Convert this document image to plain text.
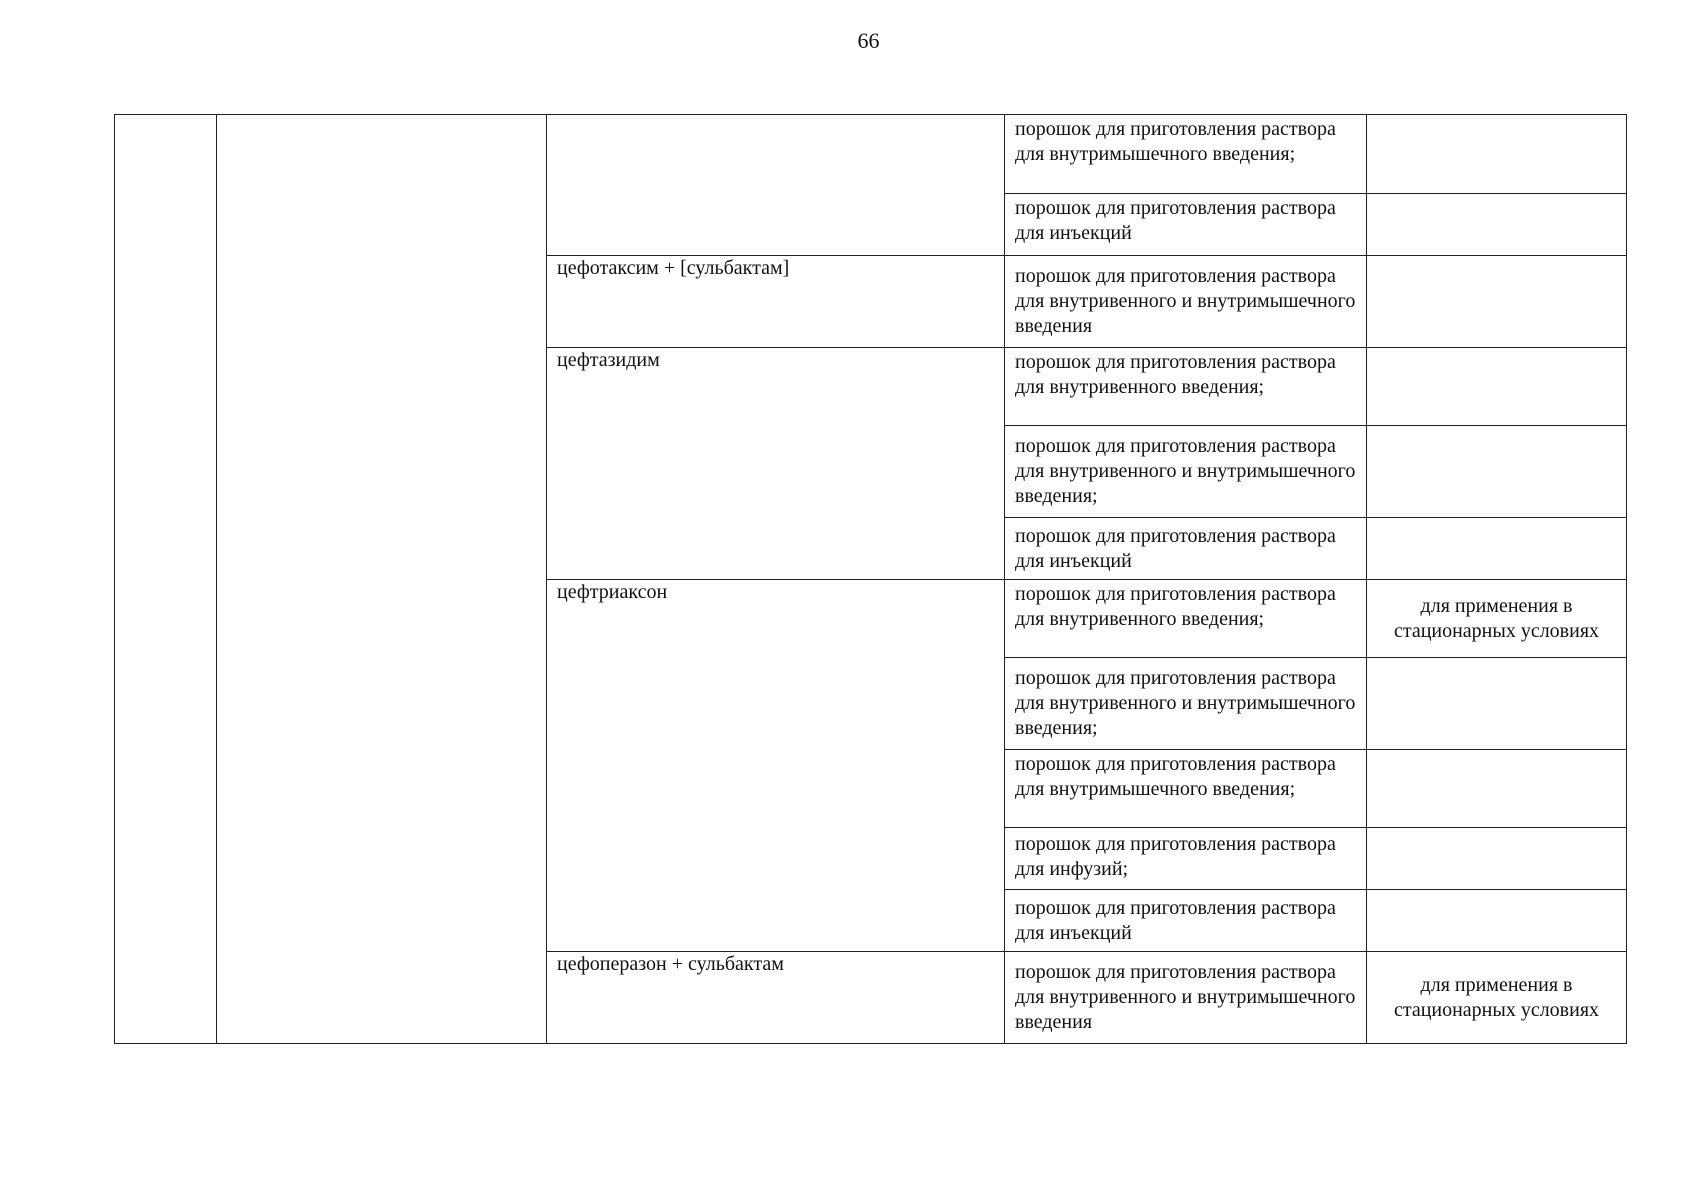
66
			порошок для приготовления раствора для внутримышечного введения;	
			порошок для приготовления раствора для инъекций	
		цефотаксим + [сульбактам]	порошок для приготовления раствора для внутривенного и внутримышечного введения	
		цефтазидим	порошок для приготовления раствора для внутривенного введения;	
			порошок для приготовления раствора для внутривенного и внутримышечного введения;	
			порошок для приготовления раствора для инъекций	
		цефтриаксон	порошок для приготовления раствора для внутривенного введения;	для применения в стационарных условиях
			порошок для приготовления раствора для внутривенного и внутримышечного введения;	
			порошок для приготовления раствора для внутримышечного введения;	
			порошок для приготовления раствора для инфузий;	
			порошок для приготовления раствора для инъекций	
		цефоперазон + сульбактам	порошок для приготовления раствора для внутривенного и внутримышечного введения	для применения в стационарных условиях
